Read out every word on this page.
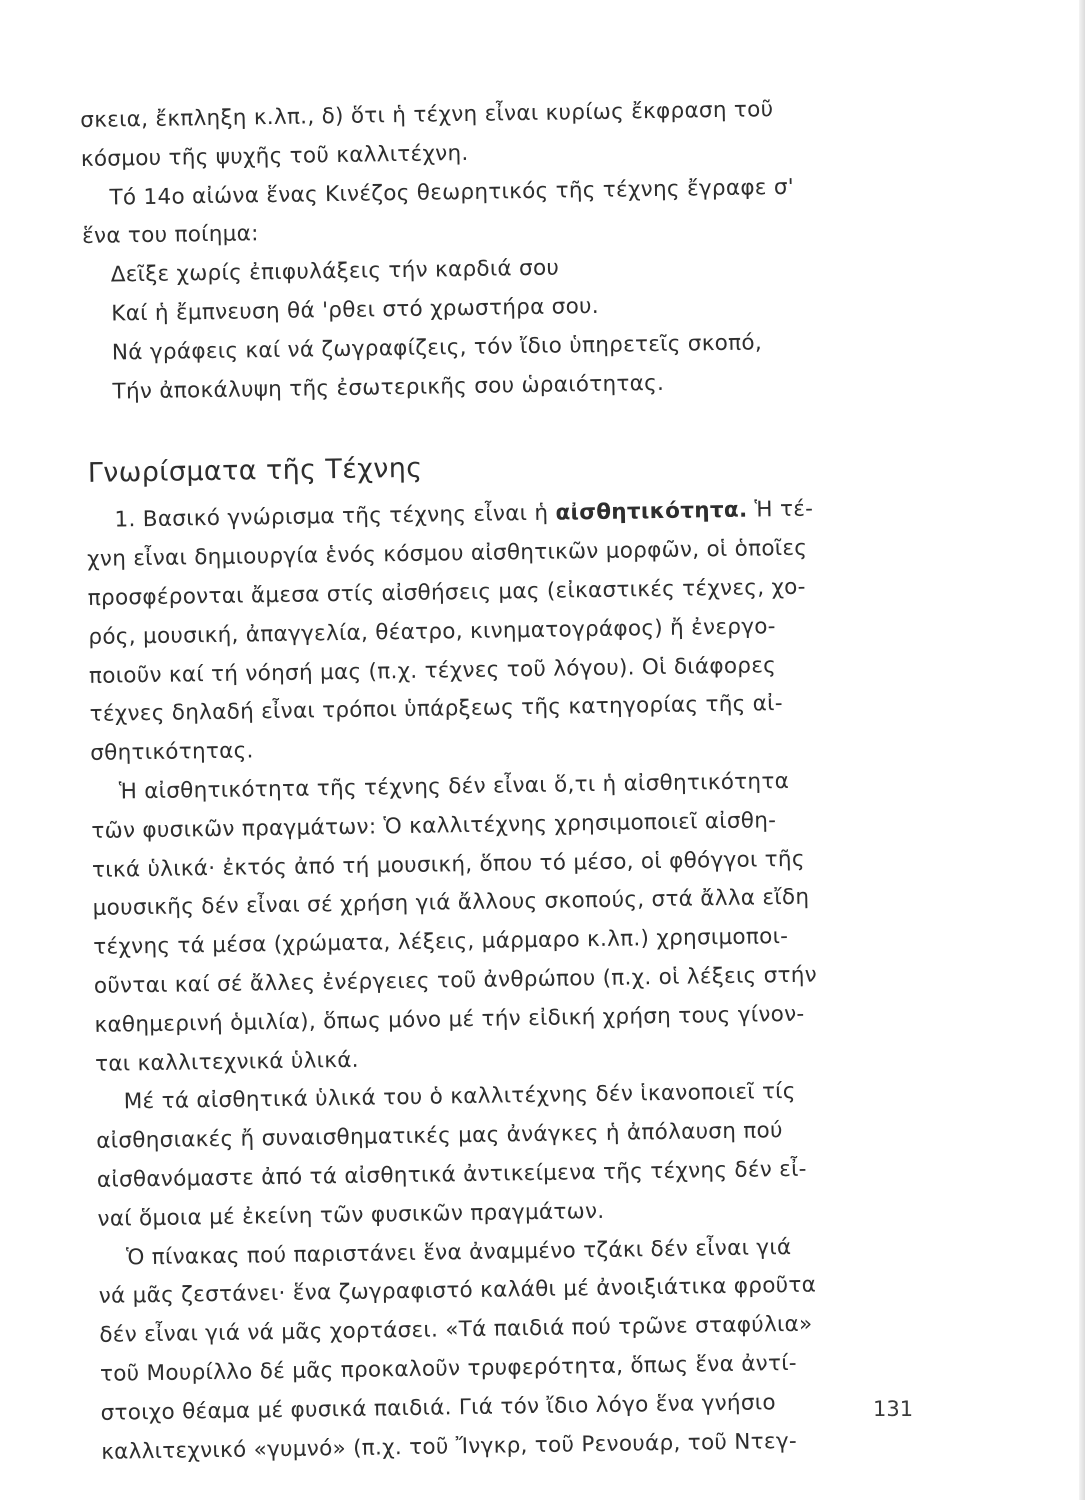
σκεια, ἔκπληξη κ.λπ., δ) ὅτι ἡ τέχνη εἶναι κυρίως ἔκφραση τοῦ
κόσμου τῆς ψυχῆς τοῦ καλλιτέχνη.
Τό 14ο αἰώνα ἕνας Κινέζος θεωρητικός τῆς τέχνης ἔγραφε σ'
ἕνα του ποίημα:
Δεῖξε χωρίς ἐπιφυλάξεις τήν καρδιά σου
Καί ἡ ἔμπνευση θά 'ρθει στό χρωστήρα σου.
Νά γράφεις καί νά ζωγραφίζεις, τόν ἴδιο ὑπηρετεῖς σκοπό,
Τήν ἀποκάλυψη τῆς ἐσωτερικῆς σου ὡραιότητας.
Γνωρίσματα τῆς Τέχνης
1. Βασικό γνώρισμα τῆς τέχνης εἶναι ἡ αἰσθητικότητα. Ἡ τέ-
χνη εἶναι δημιουργία ἑνός κόσμου αἰσθητικῶν μορφῶν, οἱ ὁποῖες
προσφέρονται ἄμεσα στίς αἰσθήσεις μας (εἰκαστικές τέχνες, χο-
ρός, μουσική, ἀπαγγελία, θέατρο, κινηματογράφος) ἤ ἐνεργο-
ποιοῦν καί τή νόησή μας (π.χ. τέχνες τοῦ λόγου). Οἱ διάφορες
τέχνες δηλαδή εἶναι τρόποι ὑπάρξεως τῆς κατηγορίας τῆς αἰ-
σθητικότητας.
Ἡ αἰσθητικότητα τῆς τέχνης δέν εἶναι ὅ,τι ἡ αἰσθητικότητα
τῶν φυσικῶν πραγμάτων: Ὁ καλλιτέχνης χρησιμοποιεῖ αἰσθη-
τικά ὑλικά· ἐκτός ἀπό τή μουσική, ὅπου τό μέσο, οἱ φθόγγοι τῆς
μουσικῆς δέν εἶναι σέ χρήση γιά ἄλλους σκοπούς, στά ἄλλα εἴδη
τέχνης τά μέσα (χρώματα, λέξεις, μάρμαρο κ.λπ.) χρησιμοποι-
οῦνται καί σέ ἄλλες ἐνέργειες τοῦ ἀνθρώπου (π.χ. οἱ λέξεις στήν
καθημερινή ὁμιλία), ὅπως μόνο μέ τήν εἰδική χρήση τους γίνον-
ται καλλιτεχνικά ὑλικά.
Μέ τά αἰσθητικά ὑλικά του ὁ καλλιτέχνης δέν ἱκανοποιεῖ τίς
αἰσθησιακές ἤ συναισθηματικές μας ἀνάγκες ἡ ἀπόλαυση πού
αἰσθανόμαστε ἀπό τά αἰσθητικά ἀντικείμενα τῆς τέχνης δέν εἶ-
ναί ὅμοια μέ ἐκείνη τῶν φυσικῶν πραγμάτων.
Ὁ πίνακας πού παριστάνει ἕνα ἀναμμένο τζάκι δέν εἶναι γιά
νά μᾶς ζεστάνει· ἕνα ζωγραφιστό καλάθι μέ ἀνοιξιάτικα φροῦτα
δέν εἶναι γιά νά μᾶς χορτάσει. «Τά παιδιά πού τρῶνε σταφύλια»
τοῦ Μουρίλλο δέ μᾶς προκαλοῦν τρυφερότητα, ὅπως ἕνα ἀντί-
στοιχο θέαμα μέ φυσικά παιδιά. Γιά τόν ἴδιο λόγο ἕνα γνήσιο
καλλιτεχνικό «γυμνό» (π.χ. τοῦ Ἴνγκρ, τοῦ Ρενουάρ, τοῦ Ντεγ-
131
